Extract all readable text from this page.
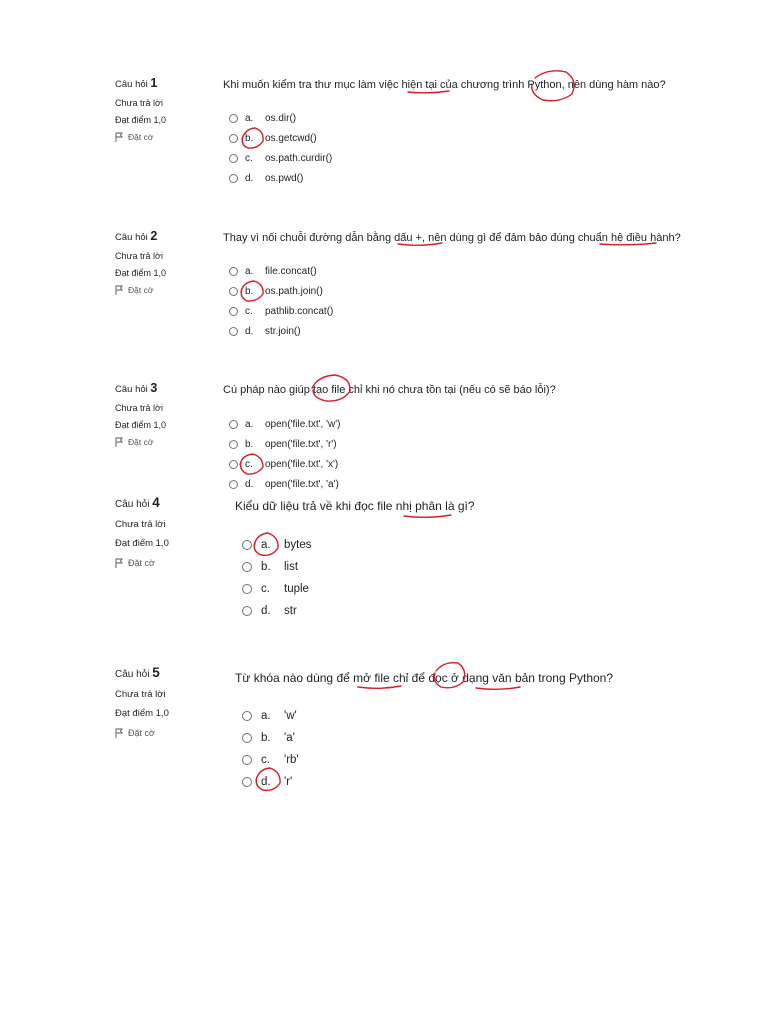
Câu hỏi 1
Chưa trả lời
Đạt điểm 1,0
Đặt cờ
Khi muốn kiểm tra thư mục làm việc hiện tại của chương trình Python, nên dùng hàm nào?
a.	os.dir()
b.	os.getcwd()
c.	os.path.curdir()
d.	os.pwd()
Câu hỏi 2
Chưa trả lời
Đạt điểm 1,0
Đặt cờ
Thay vì nối chuỗi đường dẫn bằng dấu +, nên dùng gì để đảm bảo đúng chuẩn hệ điều hành?
a.	file.concat()
b.	os.path.join()
c.	pathlib.concat()
d.	str.join()
Câu hỏi 3
Chưa trả lời
Đạt điểm 1,0
Đặt cờ
Cú pháp nào giúp tạo file chỉ khi nó chưa tồn tại (nếu có sẽ báo lỗi)?
a.	open('file.txt', 'w')
b.	open('file.txt', 'r')
c.	open('file.txt', 'x')
d.	open('file.txt', 'a')
Câu hỏi 4
Chưa trả lời
Đạt điểm 1,0
Đặt cờ
Kiểu dữ liệu trả về khi đọc file nhị phân là gì?
a.	bytes
b.	list
c.	tuple
d.	str
Câu hỏi 5
Chưa trả lời
Đạt điểm 1,0
Đặt cờ
Từ khóa nào dùng để mở file chỉ để đọc ở dạng văn bản trong Python?
a.	'w'
b.	'a'
c.	'rb'
d.	'r'
